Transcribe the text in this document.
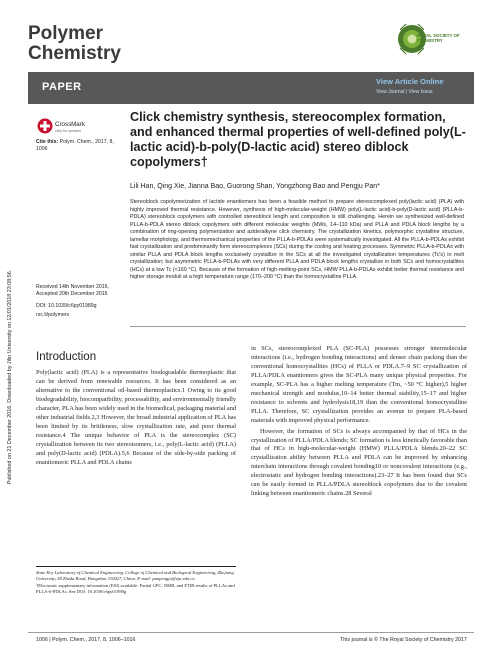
Polymer
Chemistry
ROYAL SOCIETY OF CHEMISTRY
PAPER	View Article Online
View Journal | View Issue
Published on 21 December 2016. Downloaded by Jilin University on 12/01/2018 23:08:56.
CrossMark
click for updates
Cite this: Polym. Chem., 2017, 8, 1006
Click chemistry synthesis, stereocomplex formation, and enhanced thermal properties of well-defined poly(L-lactic acid)-b-poly(D-lactic acid) stereo diblock copolymers†
Lili Han, Qing Xie, Jianna Bao, Guorong Shan, Yongzhong Bao and Pengju Pan*
Stereoblock copolymerization of lactide enantiomers has been a feasible method to prepare stereocomplexed poly(lactic acid) (PLA) with highly improved thermal resistance. However, synthesis of high-molecular-weight (HMW) poly(L-lactic acid)-b-poly(D-lactic acid) (PLLA-b-PDLA) stereoblock copolymers with controlled stereoblock length and composition is still challenging. Herein we synthesized well-defined PLLA-b-PDLA stereo diblock copolymers with different molecular weights (MWs, 14–110 kDa) and PLLA and PDLA block lengths by a combination of ring-opening polymerization and azide/alkyne click chemistry. The crystallization kinetics, polymorphic crystalline structure, lamellar morphology, and thermomechanical properties of the PLLA-b-PDLAs were systematically investigated. All the PLLA-b-PDLAs exhibit fast crystallization and predominantly form stereocomplexes (SCs) during the cooling and heating processes. Symmetric PLLA-b-PDLAs with similar PLLA and PDLA block lengths exclusively crystallize in the SCs at all the investigated crystallization temperatures (Tc's) in melt crystallization; but asymmetric PLLA-b-PDLAs with very different PLLA and PDLA block lengths crystallize in both SCs and homocrystallites (HCs) at a low Tc (<160 °C). Because of the formation of high-melting-point SCs, HMW PLLA-b-PDLAs exhibit better thermal resistance and higher storage moduli at a high temperature range (170–200 °C) than the homocrystalline PLLA.
Received 14th November 2016, Accepted 20th December 2016
DOI: 10.1039/c6py01989g
rsc.li/polymers
Introduction

Poly(lactic acid) (PLA) is a representative biodegradable thermoplastic that can be derived from renewable resources. It has been considered as an alternative to the conventional oil-based thermoplastics.1 Owing to its good biodegradability, biocompatibility, processability, and environmentally friendly character, PLA has been widely used in the biomedical, packaging material and other industrial fields.2,3 However, the broad industrial application of PLA has been limited by its brittleness, slow crystallization rate, and poor thermal resistance.4 The unique behavior of PLA is the stereocomplex (SC) crystallization between its two stereoisomers, i.e., poly(L-lactic acid) (PLLA) and poly(D-lactic acid) (PDLA).5,6 Because of the side-by-side packing of enantiomeric PLLA and PDLA chains

in SCs, stereocomplexed PLA (SC-PLA) possesses stronger intermolecular interactions (i.e., hydrogen bonding interactions) and denser chain packing than the conventional homocrystallites (HCs) of PLLA or PDLA.7–9 SC crystallization of PLLA/PDLA enantiomers gives the SC-PLA many unique physical properties. For example, SC-PLA has a higher melting temperature (Tm, ~50 °C higher),5 higher mechanical strength and modulus,10–14 better thermal stability,15–17 and higher resistance to solvents and hydrolysis18,19 than the conventional homocrystalline PLLA. Therefore, SC crystallization provides an avenue to prepare PLA-based materials with improved physical performance.

However, the formation of SCs is always accompanied by that of HCs in the crystallization of PLLA/PDLA blends; SC formation is less kinetically favorable than that of HCs in high-molecular-weight (HMW) PLLA/PDLA blends.20–22 SC crystallization ability between PLLA and PDLA can be improved by enhancing interchain interactions through covalent bonding10 or noncovalent interactions (e.g., electrostatic and hydrogen bonding interactions).23–27 It has been found that SCs can be easily formed in PLLA/PDLA stereoblock copolymers due to the covalent linking between enantiomeric chains.28 Several

State Key Laboratory of Chemical Engineering, College of Chemical and Biological Engineering, Zhejiang University, 38 Zheda Road, Hangzhou 310027, China. E-mail: panpengju@zju.edu.cn
†Electronic supplementary information (ESI) available: Partial GPC, NMR, and FTIR results of PLLAs and PLLA-b-PDLAs. See DOI: 10.1039/c6py01989g
1006 | Polym. Chem., 2017, 8, 1006–1016	This journal is © The Royal Society of Chemistry 2017
